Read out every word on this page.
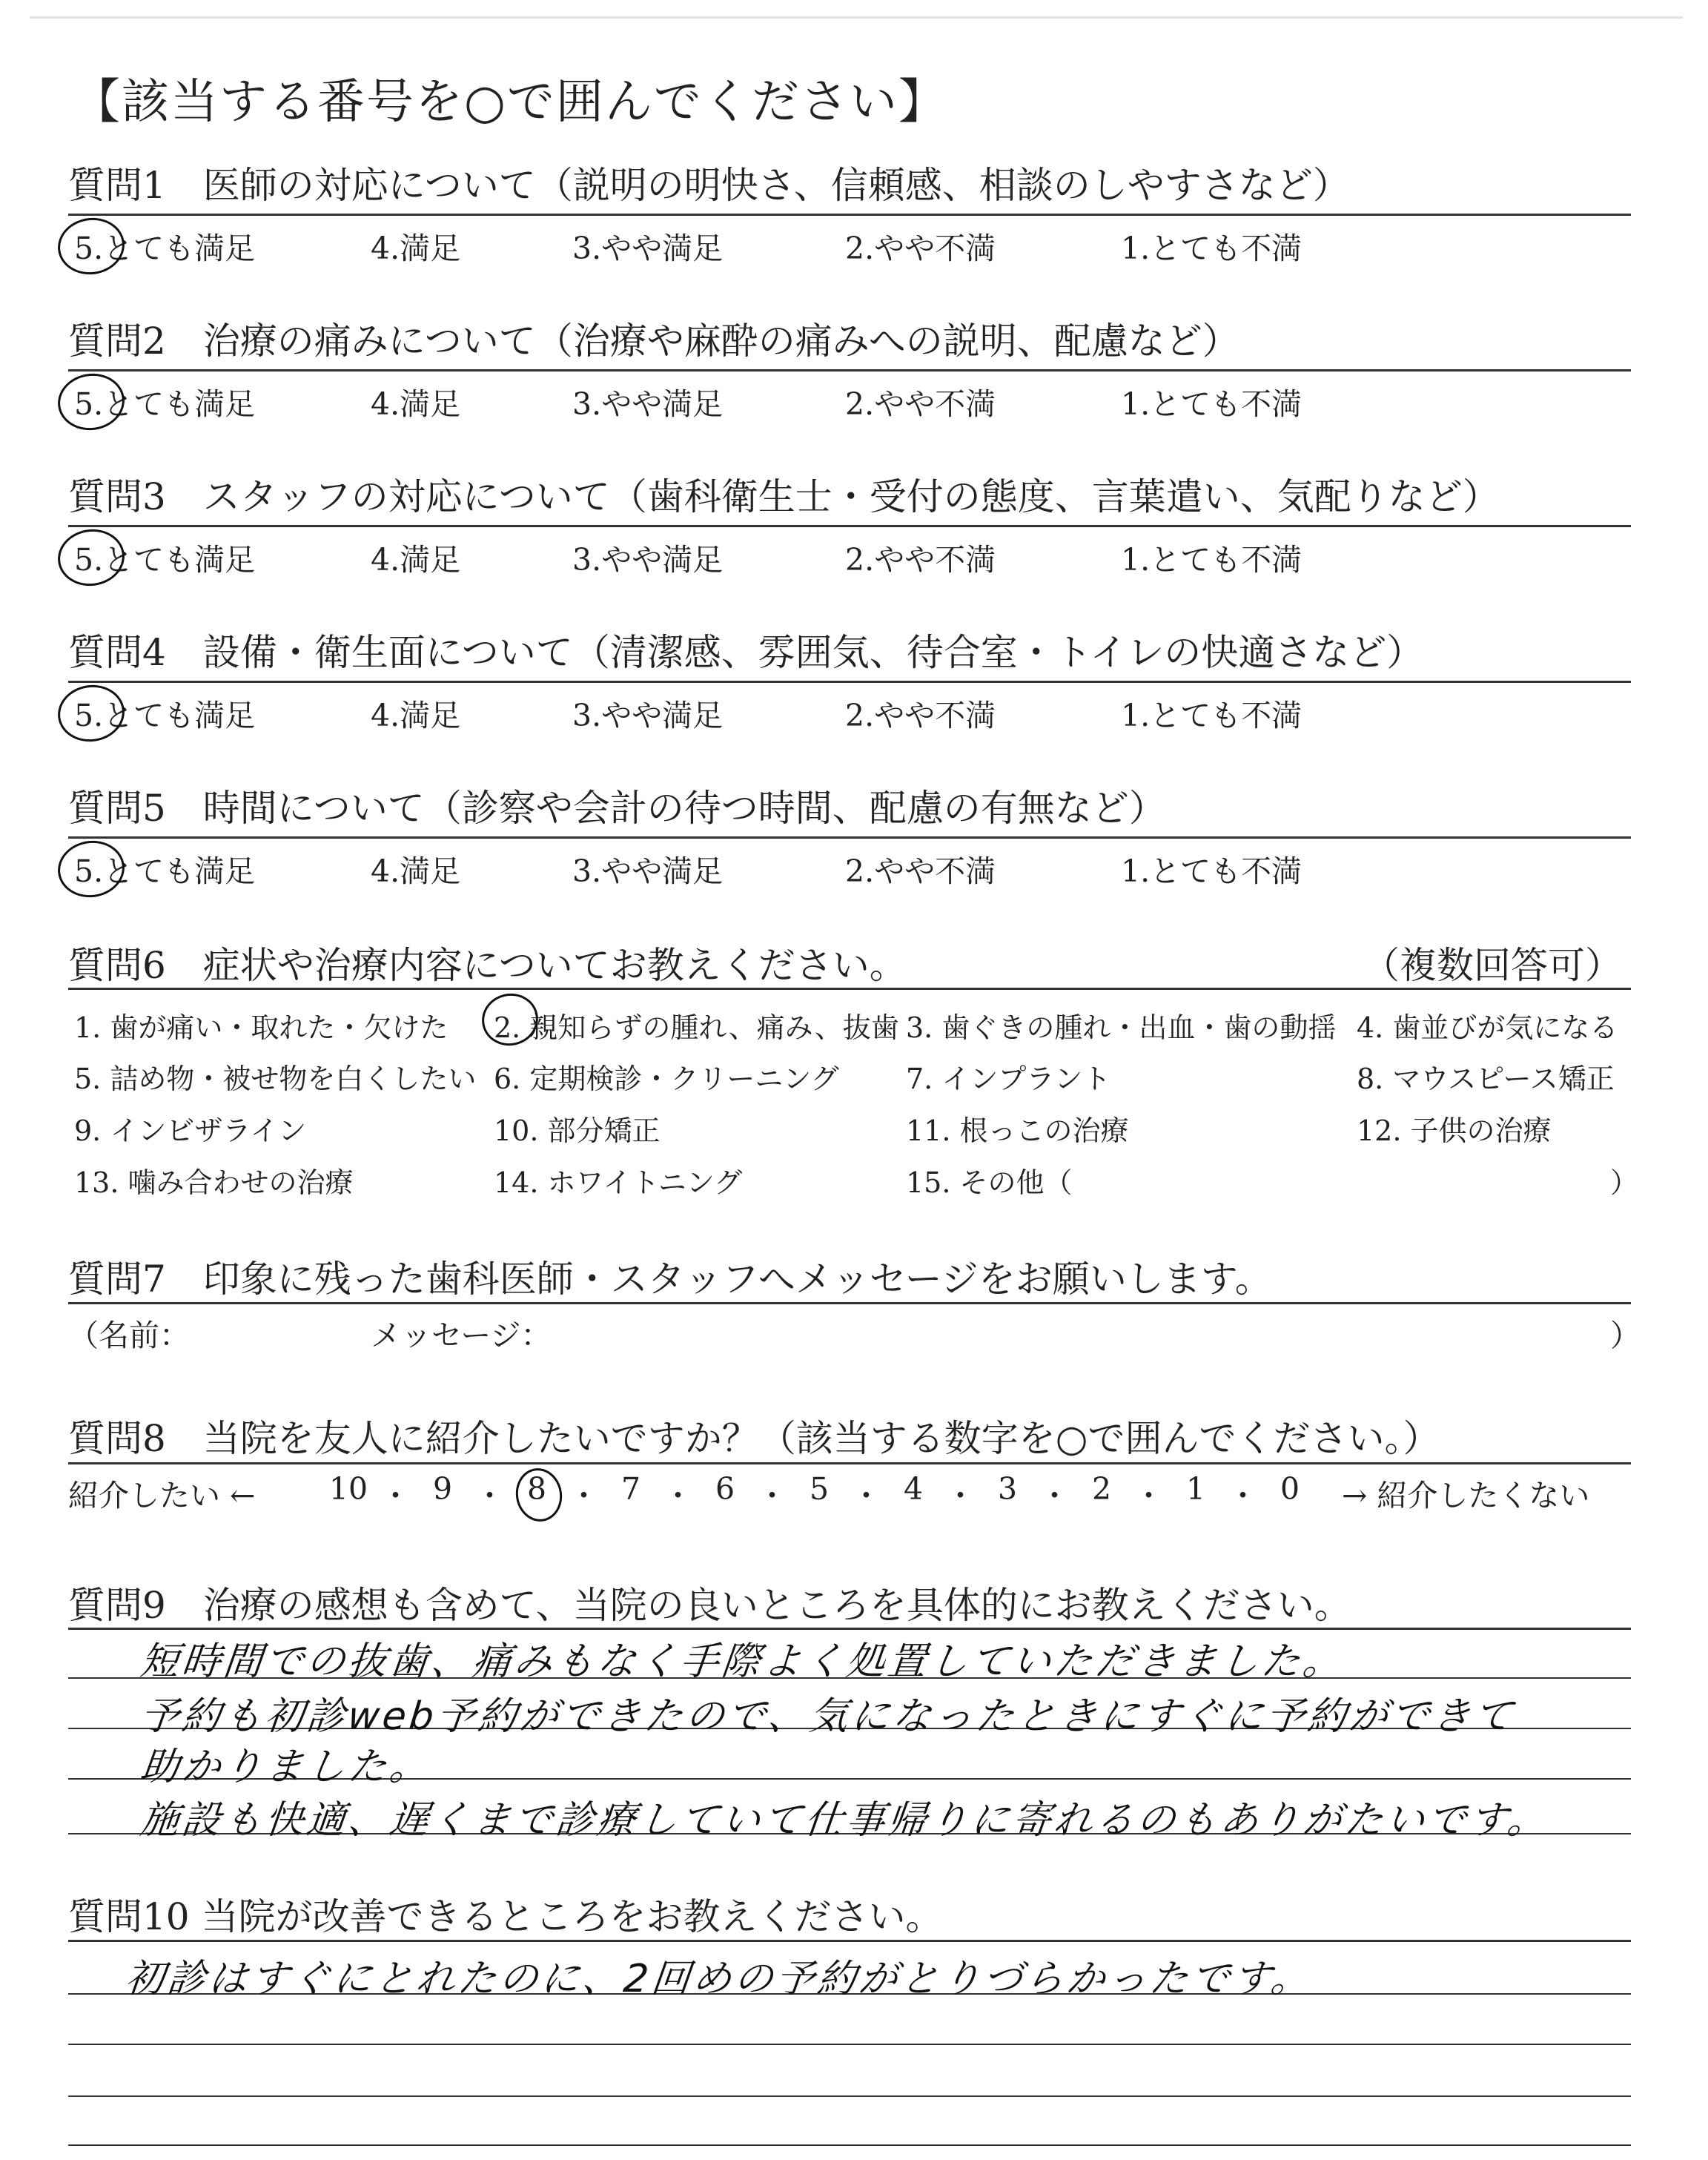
【該当する番号を○で囲んでください】
質問1　医師の対応について（説明の明快さ、信頼感、相談のしやすさなど）
5.とても満足	4.満足	3.やや満足	2.やや不満	1.とても不満
質問2　治療の痛みについて（治療や麻酔の痛みへの説明、配慮など）
5.とても満足	4.満足	3.やや満足	2.やや不満	1.とても不満
質問3　スタッフの対応について（歯科衛生士・受付の態度、言葉遣い、気配りなど）
5.とても満足	4.満足	3.やや満足	2.やや不満	1.とても不満
質問4　設備・衛生面について（清潔感、雰囲気、待合室・トイレの快適さなど）
5.とても満足	4.満足	3.やや満足	2.やや不満	1.とても不満
質問5　時間について（診察や会計の待つ時間、配慮の有無など）
5.とても満足	4.満足	3.やや満足	2.やや不満	1.とても不満
質問6　症状や治療内容についてお教えください。	（複数回答可）
1. 歯が痛い・取れた・欠けた 2. 親知らずの腫れ、痛み、抜歯 3. 歯ぐきの腫れ・出血・歯の動揺 4. 歯並びが気になる
5. 詰め物・被せ物を白くしたい 6. 定期検診・クリーニング 7. インプラント	8. マウスピース矯正
9. インビザライン	10. 部分矯正	11. 根っこの治療	12. 子供の治療
13. 噛み合わせの治療	14. ホワイトニング	15. その他（	）
質問7　印象に残った歯科医師・スタッフへメッセージをお願いします。
（名前：	メッセージ：	）
質問8　当院を友人に紹介したいですか？（該当する数字を○で囲んでください。）
紹介したい ←	→ 紹介したくない
10 ・ 9 ・ 8 ・ 7 ・ 6 ・ 5 ・ 4 ・ 3 ・ 2 ・ 1 ・ 0
質問9　治療の感想も含めて、当院の良いところを具体的にお教えください。
短時間での抜歯、痛みもなく手際よく処置していただきました。
予約も初診web予約ができたので、気になったときにすぐに予約ができて
助かりました。
施設も快適、遅くまで診療していて仕事帰りに寄れるのもありがたいです。
質問10 当院が改善できるところをお教えください。
初診はすぐにとれたのに、2回めの予約がとりづらかったです。
